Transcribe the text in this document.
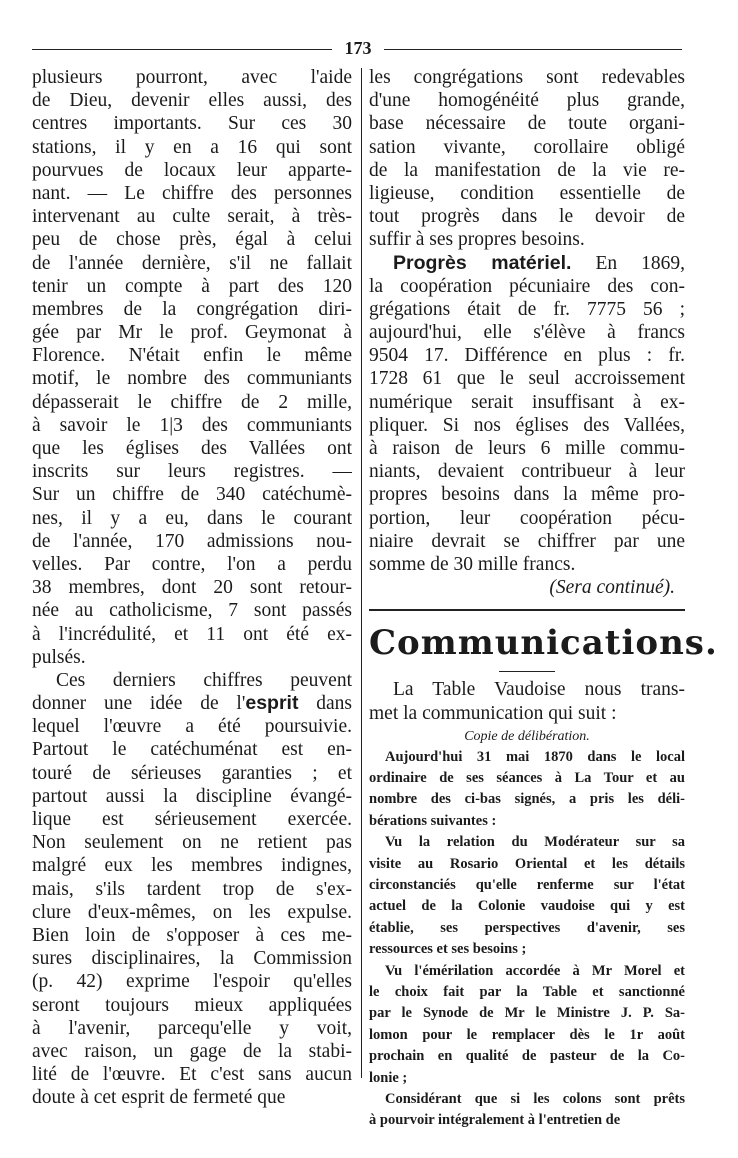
173
plusieurs pourront, avec l'aide
de Dieu, devenir elles aussi, des
centres importants. Sur ces 30
stations, il y en a 16 qui sont
pourvues de locaux leur apparte-
nant. — Le chiffre des personnes
intervenant au culte serait, à très-
peu de chose près, égal à celui
de l'année dernière, s'il ne fallait
tenir un compte à part des 120
membres de la congrégation diri-
gée par Mr le prof. Geymonat à
Florence. N'était enfin le même
motif, le nombre des communiants
dépasserait le chiffre de 2 mille,
à savoir le 1|3 des communiants
que les églises des Vallées ont
inscrits sur leurs registres. —
Sur un chiffre de 340 catéchumè-
nes, il y a eu, dans le courant
de l'année, 170 admissions nou-
velles. Par contre, l'on a perdu
38 membres, dont 20 sont retour-
née au catholicisme, 7 sont passés
à l'incrédulité, et 11 ont été ex-
pulsés.
Ces derniers chiffres peuvent
donner une idée de l'esprit dans
lequel l'œuvre a été poursuivie.
Partout le catéchuménat est en-
touré de sérieuses garanties ; et
partout aussi la discipline évangé-
lique est sérieusement exercée.
Non seulement on ne retient pas
malgré eux les membres indignes,
mais, s'ils tardent trop de s'ex-
clure d'eux-mêmes, on les expulse.
Bien loin de s'opposer à ces me-
sures disciplinaires, la Commission
(p. 42) exprime l'espoir qu'elles
seront toujours mieux appliquées
à l'avenir, parcequ'elle y voit,
avec raison, un gage de la stabi-
lité de l'œuvre. Et c'est sans aucun
doute à cet esprit de fermeté que
les congrégations sont redevables
d'une homogénéité plus grande,
base nécessaire de toute organi-
sation vivante, corollaire obligé
de la manifestation de la vie re-
ligieuse, condition essentielle de
tout progrès dans le devoir de
suffir à ses propres besoins.
Progrès matériel. En 1869,
la coopération pécuniaire des con-
grégations était de fr. 7775 56 ;
aujourd'hui, elle s'élève à francs
9504 17. Différence en plus : fr.
1728 61 que le seul accroissement
numérique serait insuffisant à ex-
pliquer. Si nos églises des Vallées,
à raison de leurs 6 mille commu-
niants, devaient contribueur à leur
propres besoins dans la même pro-
portion, leur coopération pécu-
niaire devrait se chiffrer par une
somme de 30 mille francs.
(Sera continué).
Communications.
La Table Vaudoise nous trans-
met la communication qui suit :
Copie de délibération.
Aujourd'hui 31 mai 1870 dans le local
ordinaire de ses séances à La Tour et au
nombre des ci-bas signés, a pris les déli-
bérations suivantes :
Vu la relation du Modérateur sur sa
visite au Rosario Oriental et les détails
circonstanciés qu'elle renferme sur l'état
actuel de la Colonie vaudoise qui y est
établie, ses perspectives d'avenir, ses
ressources et ses besoins ;
Vu l'émérilation accordée à Mr Morel et
le choix fait par la Table et sanctionné
par le Synode de Mr le Ministre J. P. Sa-
lomon pour le remplacer dès le 1r août
prochain en qualité de pasteur de la Co-
lonie ;
Considérant que si les colons sont prêts
à pourvoir intégralement à l'entretien de
